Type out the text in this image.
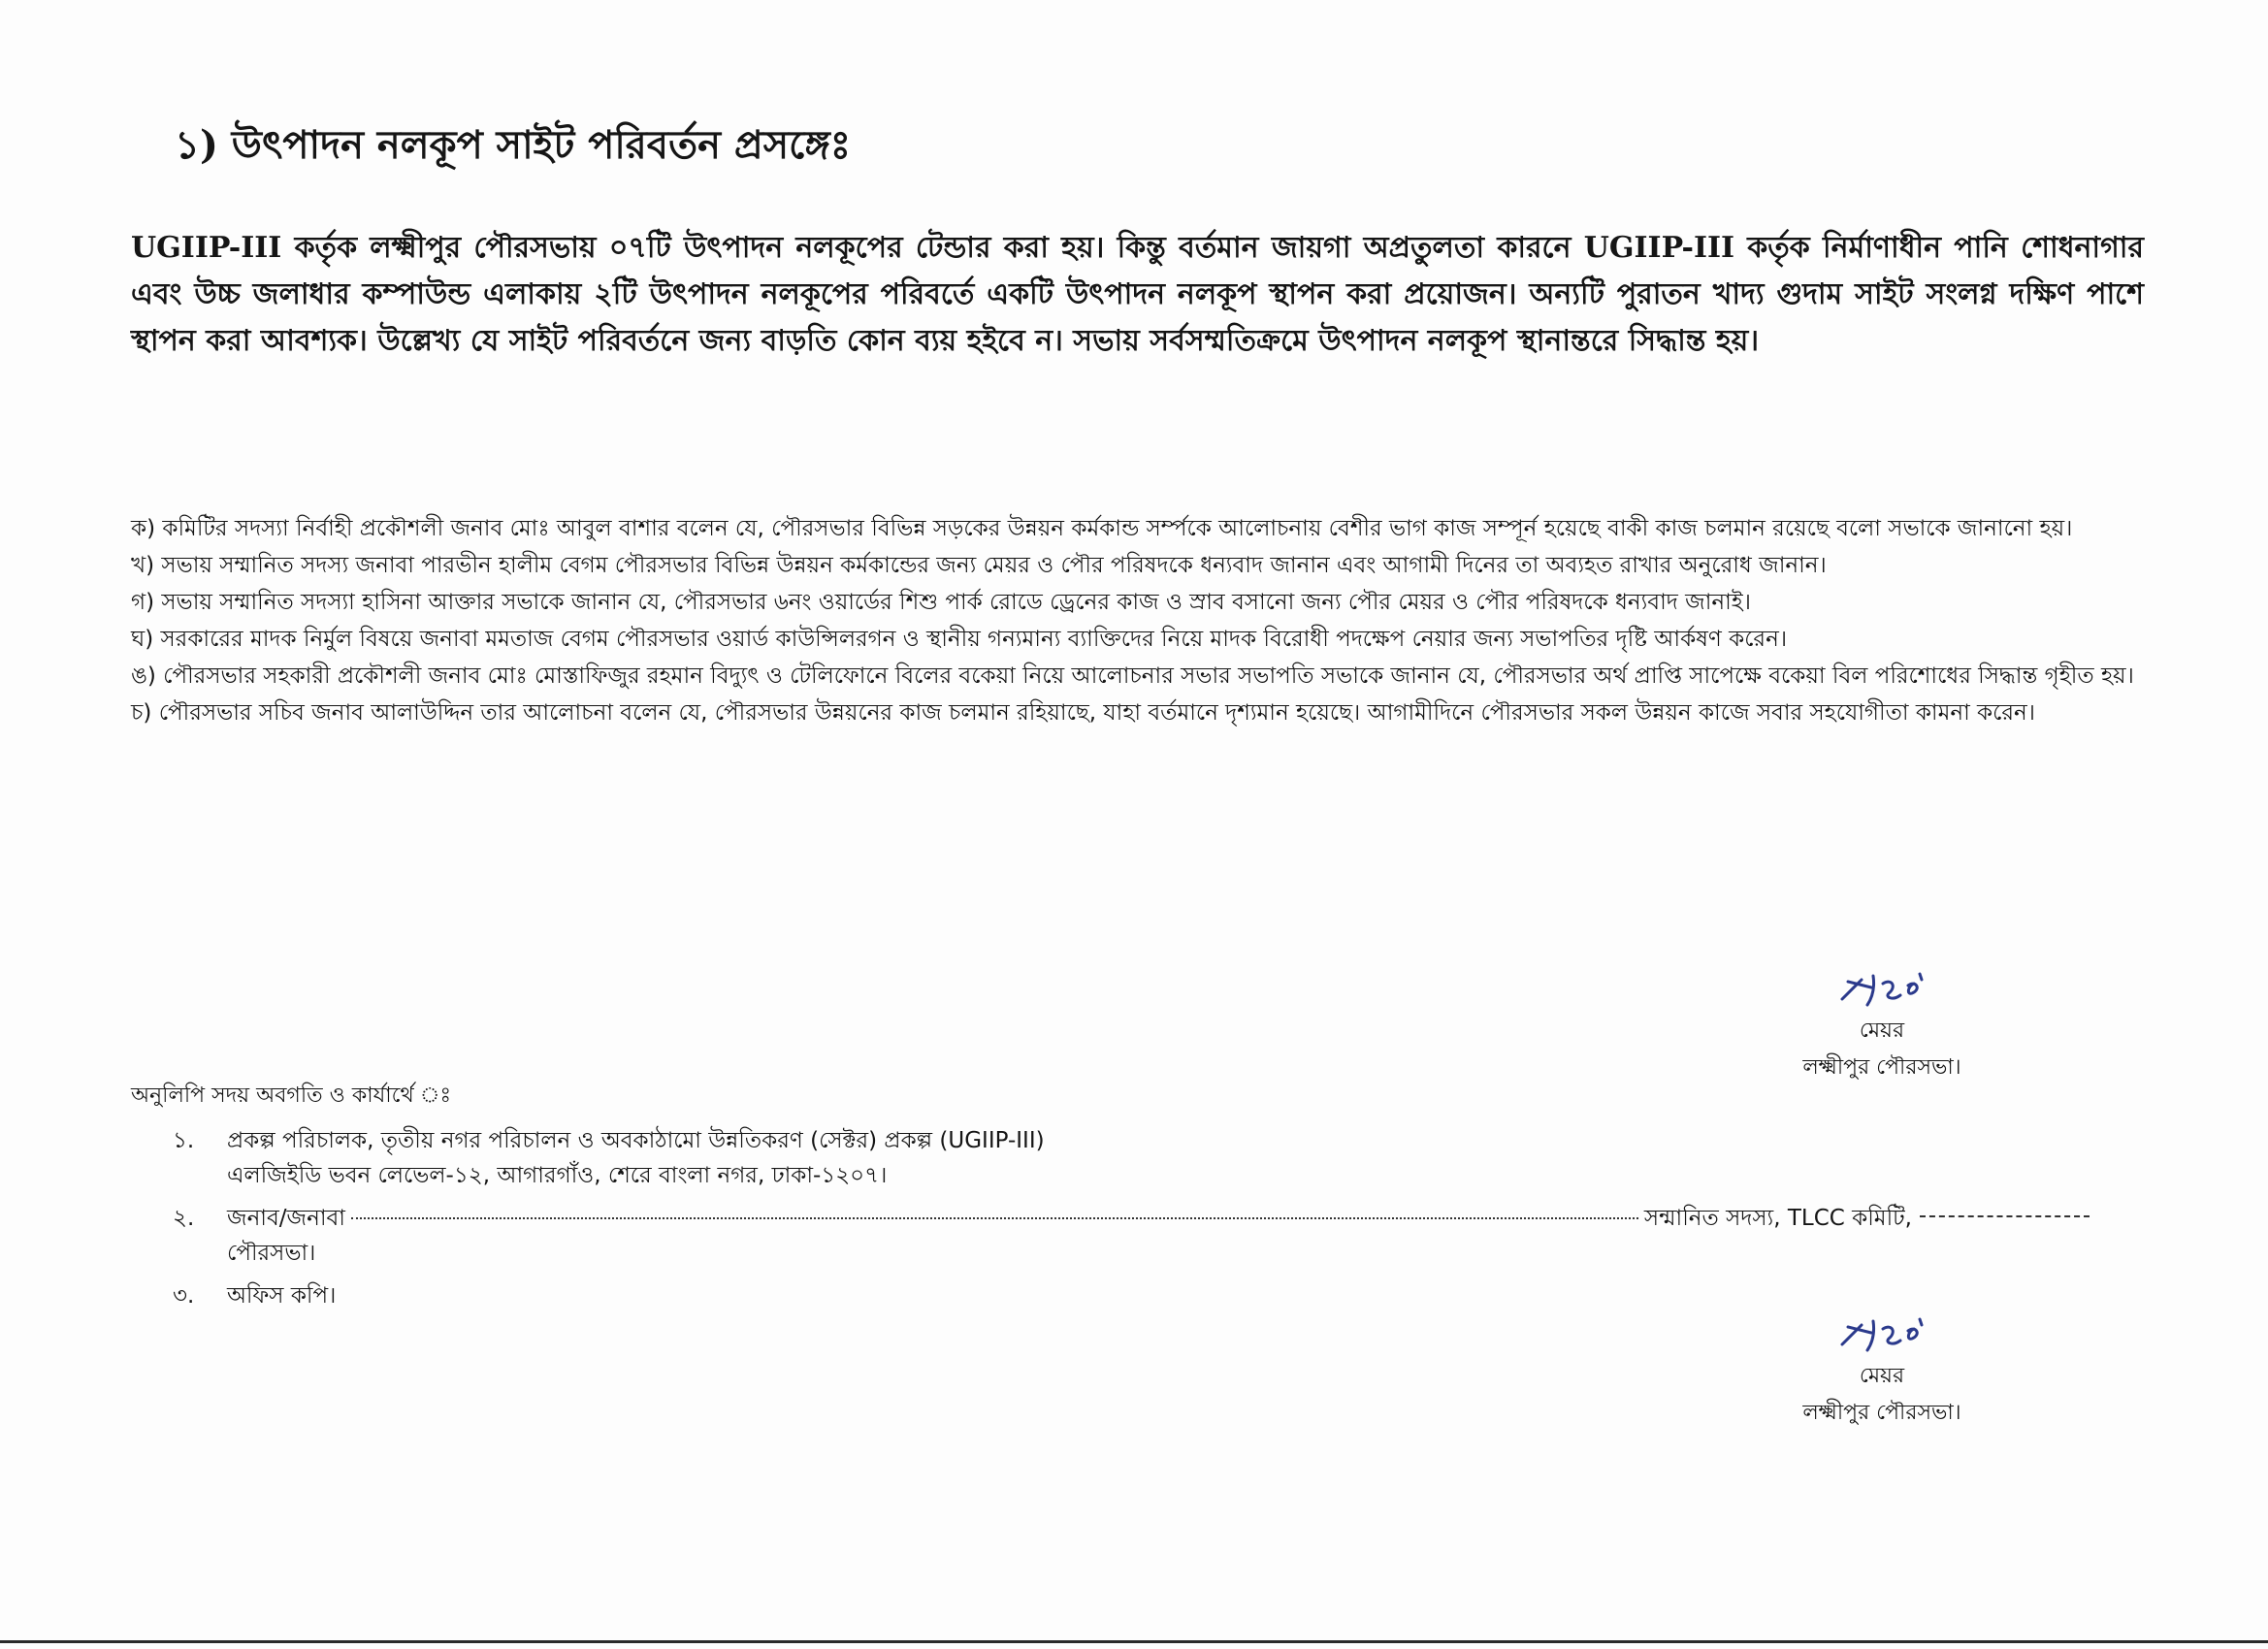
১) উৎপাদন নলকূপ সাইট পরিবর্তন প্রসঙ্গেঃ
UGIIP-III কর্তৃক লক্ষ্মীপুর পৌরসভায় ০৭টি উৎপাদন নলকূপের টেন্ডার করা হয়। কিন্তু বর্তমান জায়গা অপ্রতুলতা কারনে UGIIP-III কর্তৃক নির্মাণাধীন পানি শোধনাগার এবং উচ্চ জলাধার কম্পাউন্ড এলাকায় ২টি উৎপাদন নলকূপের পরিবর্তে একটি উৎপাদন নলকূপ স্থাপন করা প্রয়োজন। অন্যটি পুরাতন খাদ্য গুদাম সাইট সংলগ্ন দক্ষিণ পাশে স্থাপন করা আবশ্যক। উল্লেখ্য যে সাইট পরিবর্তনে জন্য বাড়তি কোন ব্যয় হইবে ন। সভায় সর্বসম্মতিক্রমে উৎপাদন নলকূপ স্থানান্তরে সিদ্ধান্ত হয়।

ক) কমিটির সদস্যা নির্বাহী প্রকৌশলী জনাব মোঃ আবুল বাশার বলেন যে, পৌরসভার বিভিন্ন সড়কের উন্নয়ন কর্মকান্ড সর্ম্পকে আলোচনায় বেশীর ভাগ কাজ সম্পূর্ন হয়েছে বাকী কাজ চলমান রয়েছে বলো সভাকে জানানো হয়।

খ) সভায় সম্মানিত সদস্য জনাবা পারভীন হালীম বেগম পৌরসভার বিভিন্ন উন্নয়ন কর্মকান্ডের জন্য মেয়র ও পৌর পরিষদকে ধন্যবাদ জানান এবং আগামী দিনের তা অব্যহত রাখার অনুরোধ জানান।

গ) সভায় সম্মানিত সদস্যা হাসিনা আক্তার সভাকে জানান যে, পৌরসভার ৬নং ওয়ার্ডের শিশু পার্ক রোডে ড্রেনের কাজ ও স্রাব বসানো জন্য পৌর মেয়র ও পৌর পরিষদকে ধন্যবাদ জানাই।

ঘ) সরকারের মাদক নির্মুল বিষয়ে জনাবা মমতাজ বেগম পৌরসভার ওয়ার্ড কাউন্সিলরগন ও স্থানীয় গন্যমান্য ব্যাক্তিদের নিয়ে মাদক বিরোধী পদক্ষেপ নেয়ার জন্য সভাপতির দৃষ্টি আর্কষণ করেন।

ঙ) পৌরসভার সহকারী প্রকৌশলী জনাব মোঃ মোস্তাফিজুর রহমান বিদ্যুৎ ও টেলিফোনে বিলের বকেয়া নিয়ে আলোচনার সভার সভাপতি সভাকে জানান যে, পৌরসভার অর্থ প্রাপ্তি সাপেক্ষে বকেয়া বিল পরিশোধের সিদ্ধান্ত গৃহীত হয়।

চ) পৌরসভার সচিব জনাব আলাউদ্দিন তার আলোচনা বলেন যে, পৌরসভার উন্নয়নের কাজ চলমান রহিয়াছে, যাহা বর্তমানে দৃশ্যমান হয়েছে। আগামীদিনে পৌরসভার সকল উন্নয়ন কাজে সবার সহযোগীতা কামনা করেন।

মেয়র
লক্ষ্মীপুর পৌরসভা।
অনুলিপি সদয় অবগতি ও কার্যার্থে ঃ
১. প্রকল্প পরিচালক, তৃতীয় নগর পরিচালন ও অবকাঠামো উন্নতিকরণ (সেক্টর) প্রকল্প (UGIIP-III)
এলজিইডি ভবন লেভেল-১২, আগারগাঁও, শেরে বাংলা নগর, ঢাকা-১২০৭।
২. জনাব/জনাবা	সন্মানিত সদস্য, TLCC কমিটি,
পৌরসভা।
৩. অফিস কপি।
মেয়র
লক্ষ্মীপুর পৌরসভা।
